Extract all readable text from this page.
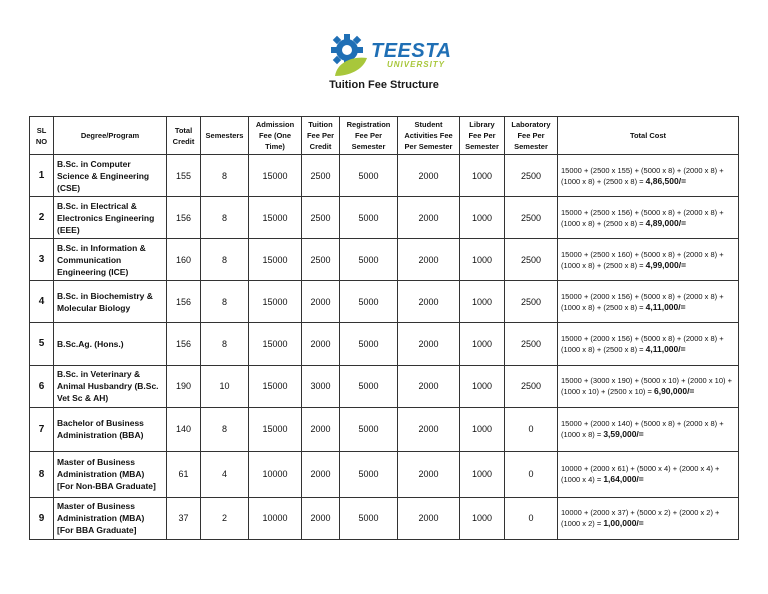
TEESTA
UNIVERSITY
Tuition Fee Structure
SL NO	Degree/Program	Total Credit	Semesters	Admission Fee (One Time)	Tuition Fee Per Credit	Registration Fee Per Semester	Student Activities Fee Per Semester	Library Fee Per Semester	Laboratory Fee Per Semester	Total Cost
1	B.Sc. in Computer Science & Engineering (CSE)	155	8	15000	2500	5000	2000	1000	2500	15000 + (2500 x 155) + (5000 x 8) + (2000 x 8) + (1000 x 8) + (2500 x 8) = 4,86,500/=
2	B.Sc. in Electrical & Electronics Engineering (EEE)	156	8	15000	2500	5000	2000	1000	2500	15000 + (2500 x 156) + (5000 x 8) + (2000 x 8) + (1000 x 8) + (2500 x 8) = 4,89,000/=
3	B.Sc. in Information & Communication Engineering (ICE)	160	8	15000	2500	5000	2000	1000	2500	15000 + (2500 x 160) + (5000 x 8) + (2000 x 8) + (1000 x 8) + (2500 x 8) = 4,99,000/=
4	B.Sc. in Biochemistry & Molecular Biology	156	8	15000	2000	5000	2000	1000	2500	15000 + (2000 x 156) + (5000 x 8) + (2000 x 8) + (1000 x 8) + (2500 x 8) = 4,11,000/=
5	B.Sc.Ag. (Hons.)	156	8	15000	2000	5000	2000	1000	2500	15000 + (2000 x 156) + (5000 x 8) + (2000 x 8) + (1000 x 8) + (2500 x 8) = 4,11,000/=
6	B.Sc. in Veterinary & Animal Husbandry (B.Sc. Vet Sc & AH)	190	10	15000	3000	5000	2000	1000	2500	15000 + (3000 x 190) + (5000 x 10) + (2000 x 10) + (1000 x 10) + (2500 x 10) = 6,90,000/=
7	Bachelor of Business Administration (BBA)	140	8	15000	2000	5000	2000	1000	0	15000 + (2000 x 140) + (5000 x 8) + (2000 x 8) + (1000 x 8) = 3,59,000/=
8	Master of Business Administration (MBA) [For Non-BBA Graduate]	61	4	10000	2000	5000	2000	1000	0	10000 + (2000 x 61) + (5000 x 4) + (2000 x 4) + (1000 x 4) = 1,64,000/=
9	Master of Business Administration (MBA) [For BBA Graduate]	37	2	10000	2000	5000	2000	1000	0	10000 + (2000 x 37) + (5000 x 2) + (2000 x 2) + (1000 x 2) = 1,00,000/=
